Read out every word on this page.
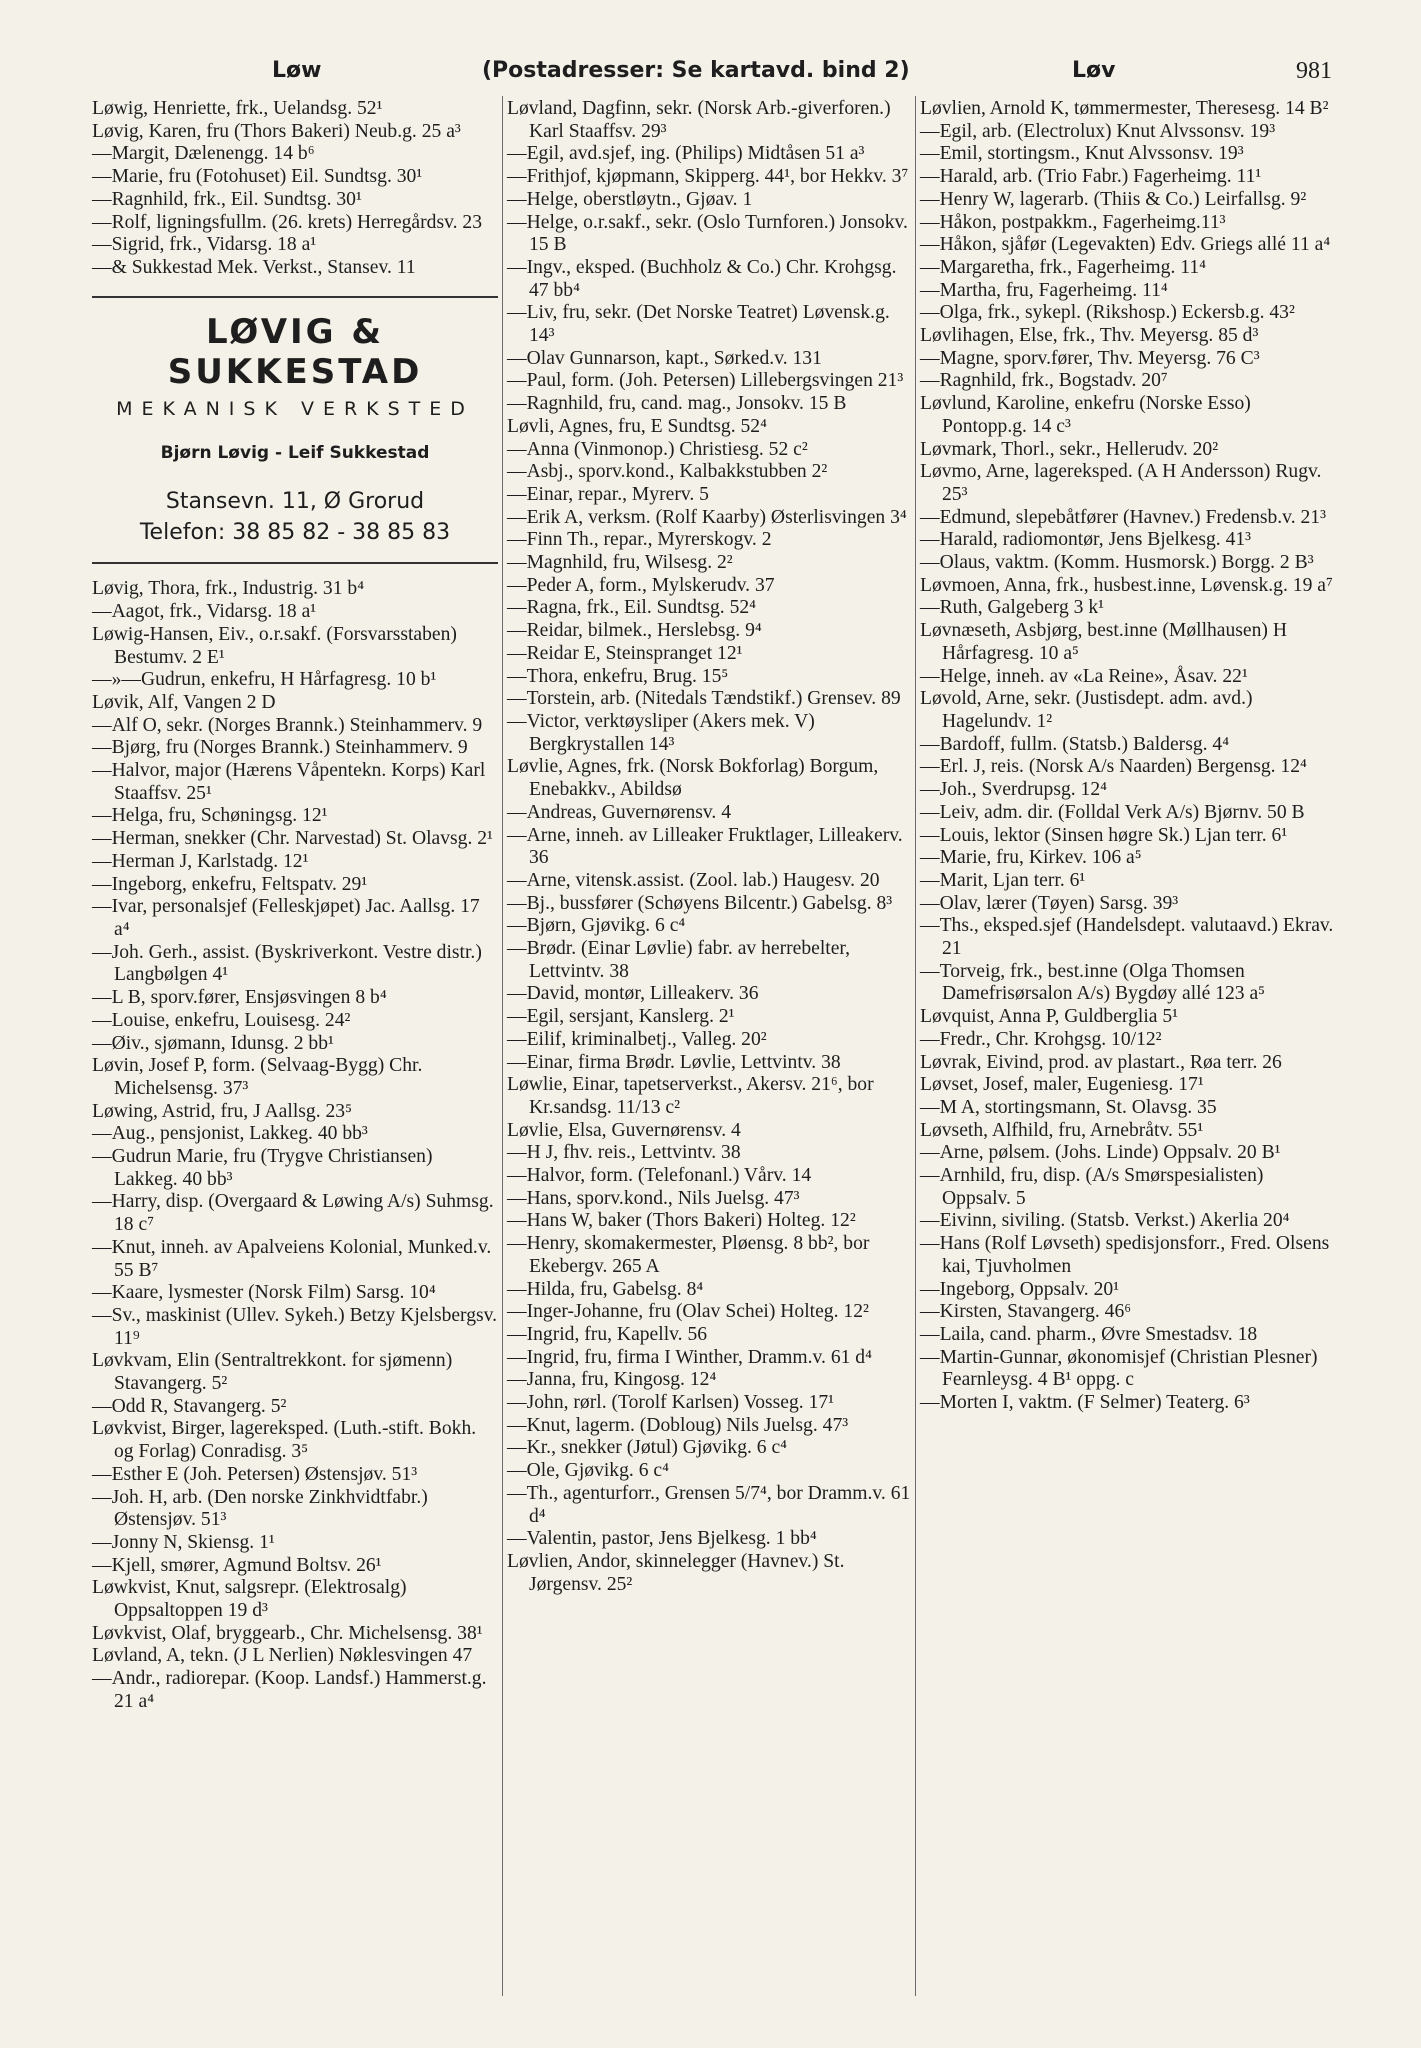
Løw	(Postadresser: Se kartavd. bind 2)	Løv	981

Løwig, Henriette, frk., Uelandsg. 52¹

Løvig, Karen, fru (Thors Bakeri) Neub.g. 25 a³

—Margit, Dælenengg. 14 b⁶

—Marie, fru (Fotohuset) Eil. Sundtsg. 30¹

—Ragnhild, frk., Eil. Sundtsg. 30¹

—Rolf, ligningsfullm. (26. krets) Herregårdsv. 23

—Sigrid, frk., Vidarsg. 18 a¹

—& Sukkestad Mek. Verkst., Stansev. 11

LØVIG & SUKKESTAD
MEKANISK VERKSTED
Bjørn Løvig - Leif Sukkestad
Stansevn. 11, Ø Grorud
Telefon: 38 85 82 - 38 85 83

Løvig, Thora, frk., Industrig. 31 b⁴

—Aagot, frk., Vidarsg. 18 a¹

Løwig-Hansen, Eiv., o.r.sakf. (Forsvarsstaben) Bestumv. 2 E¹

—»—Gudrun, enkefru, H Hårfagresg. 10 b¹

Løvik, Alf, Vangen 2 D

—Alf O, sekr. (Norges Brannk.) Steinhammerv. 9

—Bjørg, fru (Norges Brannk.) Steinhammerv. 9

—Halvor, major (Hærens Våpentekn. Korps) Karl Staaffsv. 25¹

—Helga, fru, Schøningsg. 12¹

—Herman, snekker (Chr. Narvestad) St. Olavsg. 2¹

—Herman J, Karlstadg. 12¹

—Ingeborg, enkefru, Feltspatv. 29¹

—Ivar, personalsjef (Felleskjøpet) Jac. Aallsg. 17 a⁴

—Joh. Gerh., assist. (Byskriverkont. Vestre distr.) Langbølgen 4¹

—L B, sporv.fører, Ensjøsvingen 8 b⁴

—Louise, enkefru, Louisesg. 24²

—Øiv., sjømann, Idunsg. 2 bb¹

Løvin, Josef P, form. (Selvaag-Bygg) Chr. Michelsensg. 37³

Løwing, Astrid, fru, J Aallsg. 23⁵

—Aug., pensjonist, Lakkeg. 40 bb³

—Gudrun Marie, fru (Trygve Christiansen) Lakkeg. 40 bb³

—Harry, disp. (Overgaard & Løwing A/s) Suhmsg. 18 c⁷

—Knut, inneh. av Apalveiens Kolonial, Munked.v. 55 B⁷

—Kaare, lysmester (Norsk Film) Sarsg. 10⁴

—Sv., maskinist (Ullev. Sykeh.) Betzy Kjelsbergsv. 11⁹

Løvkvam, Elin (Sentraltrekkont. for sjømenn) Stavangerg. 5²

—Odd R, Stavangerg. 5²

Løvkvist, Birger, lagereksped. (Luth.-stift. Bokh. og Forlag) Conradisg. 3⁵

—Esther E (Joh. Petersen) Østensjøv. 51³

—Joh. H, arb. (Den norske Zinkhvidtfabr.) Østensjøv. 51³

—Jonny N, Skiensg. 1¹

—Kjell, smører, Agmund Boltsv. 26¹

Løwkvist, Knut, salgsrepr. (Elektrosalg) Oppsaltoppen 19 d³

Løvkvist, Olaf, bryggearb., Chr. Michelsensg. 38¹

Løvland, A, tekn. (J L Nerlien) Nøklesvingen 47

—Andr., radiorepar. (Koop. Landsf.) Hammerst.g. 21 a⁴

Løvland, Dagfinn, sekr. (Norsk Arb.-giverforen.) Karl Staaffsv. 29³

—Egil, avd.sjef, ing. (Philips) Midtåsen 51 a³

—Frithjof, kjøpmann, Skipperg. 44¹, bor Hekkv. 3⁷

—Helge, oberstløytn., Gjøav. 1

—Helge, o.r.sakf., sekr. (Oslo Turnforen.) Jonsokv. 15 B

—Ingv., eksped. (Buchholz & Co.) Chr. Krohgsg. 47 bb⁴

—Liv, fru, sekr. (Det Norske Teatret) Løvensk.g. 14³

—Olav Gunnarson, kapt., Sørked.v. 131

—Paul, form. (Joh. Petersen) Lillebergsvingen 21³

—Ragnhild, fru, cand. mag., Jonsokv. 15 B

Løvli, Agnes, fru, E Sundtsg. 52⁴

—Anna (Vinmonop.) Christiesg. 52 c²

—Asbj., sporv.kond., Kalbakkstubben 2²

—Einar, repar., Myrerv. 5

—Erik A, verksm. (Rolf Kaarby) Østerlisvingen 3⁴

—Finn Th., repar., Myrerskogv. 2

—Magnhild, fru, Wilsesg. 2²

—Peder A, form., Mylskerudv. 37

—Ragna, frk., Eil. Sundtsg. 52⁴

—Reidar, bilmek., Herslebsg. 9⁴

—Reidar E, Steinspranget 12¹

—Thora, enkefru, Brug. 15⁵

—Torstein, arb. (Nitedals Tændstikf.) Grensev. 89

—Victor, verktøysliper (Akers mek. V) Bergkrystallen 14³

Løvlie, Agnes, frk. (Norsk Bokforlag) Borgum, Enebakkv., Abildsø

—Andreas, Guvernørensv. 4

—Arne, inneh. av Lilleaker Fruktlager, Lilleakerv. 36

—Arne, vitensk.assist. (Zool. lab.) Haugesv. 20

—Bj., bussfører (Schøyens Bilcentr.) Gabelsg. 8³

—Bjørn, Gjøvikg. 6 c⁴

—Brødr. (Einar Løvlie) fabr. av herrebelter, Lettvintv. 38

—David, montør, Lilleakerv. 36

—Egil, sersjant, Kanslerg. 2¹

—Eilif, kriminalbetj., Valleg. 20²

—Einar, firma Brødr. Løvlie, Lettvintv. 38

Løwlie, Einar, tapetserverkst., Akersv. 21⁶, bor Kr.sandsg. 11/13 c²

Løvlie, Elsa, Guvernørensv. 4

—H J, fhv. reis., Lettvintv. 38

—Halvor, form. (Telefonanl.) Vårv. 14

—Hans, sporv.kond., Nils Juelsg. 47³

—Hans W, baker (Thors Bakeri) Holteg. 12²

—Henry, skomakermester, Pløensg. 8 bb², bor Ekebergv. 265 A

—Hilda, fru, Gabelsg. 8⁴

—Inger-Johanne, fru (Olav Schei) Holteg. 12²

—Ingrid, fru, Kapellv. 56

—Ingrid, fru, firma I Winther, Dramm.v. 61 d⁴

—Janna, fru, Kingosg. 12⁴

—John, rørl. (Torolf Karlsen) Vosseg. 17¹

—Knut, lagerm. (Dobloug) Nils Juelsg. 47³

—Kr., snekker (Jøtul) Gjøvikg. 6 c⁴

—Ole, Gjøvikg. 6 c⁴

—Th., agenturforr., Grensen 5/7⁴, bor Dramm.v. 61 d⁴

—Valentin, pastor, Jens Bjelkesg. 1 bb⁴

Løvlien, Andor, skinnelegger (Havnev.) St. Jørgensv. 25²

Løvlien, Arnold K, tømmermester, Theresesg. 14 B²

—Egil, arb. (Electrolux) Knut Alvssonsv. 19³

—Emil, stortingsm., Knut Alvssonsv. 19³

—Harald, arb. (Trio Fabr.) Fagerheimg. 11¹

—Henry W, lagerarb. (Thiis & Co.) Leirfallsg. 9²

—Håkon, postpakkm., Fagerheimg.11³

—Håkon, sjåfør (Legevakten) Edv. Griegs allé 11 a⁴

—Margaretha, frk., Fagerheimg. 11⁴

—Martha, fru, Fagerheimg. 11⁴

—Olga, frk., sykepl. (Rikshosp.) Eckersb.g. 43²

Løvlihagen, Else, frk., Thv. Meyersg. 85 d³

—Magne, sporv.fører, Thv. Meyersg. 76 C³

—Ragnhild, frk., Bogstadv. 20⁷

Løvlund, Karoline, enkefru (Norske Esso) Pontopp.g. 14 c³

Løvmark, Thorl., sekr., Hellerudv. 20²

Løvmo, Arne, lagereksped. (A H Andersson) Rugv. 25³

—Edmund, slepebåtfører (Havnev.) Fredensb.v. 21³

—Harald, radiomontør, Jens Bjelkesg. 41³

—Olaus, vaktm. (Komm. Husmorsk.) Borgg. 2 B³

Løvmoen, Anna, frk., husbest.inne, Løvensk.g. 19 a⁷

—Ruth, Galgeberg 3 k¹

Løvnæseth, Asbjørg, best.inne (Møllhausen) H Hårfagresg. 10 a⁵

—Helge, inneh. av «La Reine», Åsav. 22¹

Løvold, Arne, sekr. (Justisdept. adm. avd.) Hagelundv. 1²

—Bardoff, fullm. (Statsb.) Baldersg. 4⁴

—Erl. J, reis. (Norsk A/s Naarden) Bergensg. 12⁴

—Joh., Sverdrupsg. 12⁴

—Leiv, adm. dir. (Folldal Verk A/s) Bjørnv. 50 B

—Louis, lektor (Sinsen høgre Sk.) Ljan terr. 6¹

—Marie, fru, Kirkev. 106 a⁵

—Marit, Ljan terr. 6¹

—Olav, lærer (Tøyen) Sarsg. 39³

—Ths., eksped.sjef (Handelsdept. valutaavd.) Ekrav. 21

—Torveig, frk., best.inne (Olga Thomsen Damefrisørsalon A/s) Bygdøy allé 123 a⁵

Løvquist, Anna P, Guldberglia 5¹

—Fredr., Chr. Krohgsg. 10/12²

Løvrak, Eivind, prod. av plastart., Røa terr. 26

Løvset, Josef, maler, Eugeniesg. 17¹

—M A, stortingsmann, St. Olavsg. 35

Løvseth, Alfhild, fru, Arnebråtv. 55¹

—Arne, pølsem. (Johs. Linde) Oppsalv. 20 B¹

—Arnhild, fru, disp. (A/s Smørspesialisten) Oppsalv. 5

—Eivinn, siviling. (Statsb. Verkst.) Akerlia 20⁴

—Hans (Rolf Løvseth) spedisjonsforr., Fred. Olsens kai, Tjuvholmen

—Ingeborg, Oppsalv. 20¹

—Kirsten, Stavangerg. 46⁶

—Laila, cand. pharm., Øvre Smestadsv. 18

—Martin-Gunnar, økonomisjef (Christian Plesner) Fearnleysg. 4 B¹ oppg. c

—Morten I, vaktm. (F Selmer) Teaterg. 6³
